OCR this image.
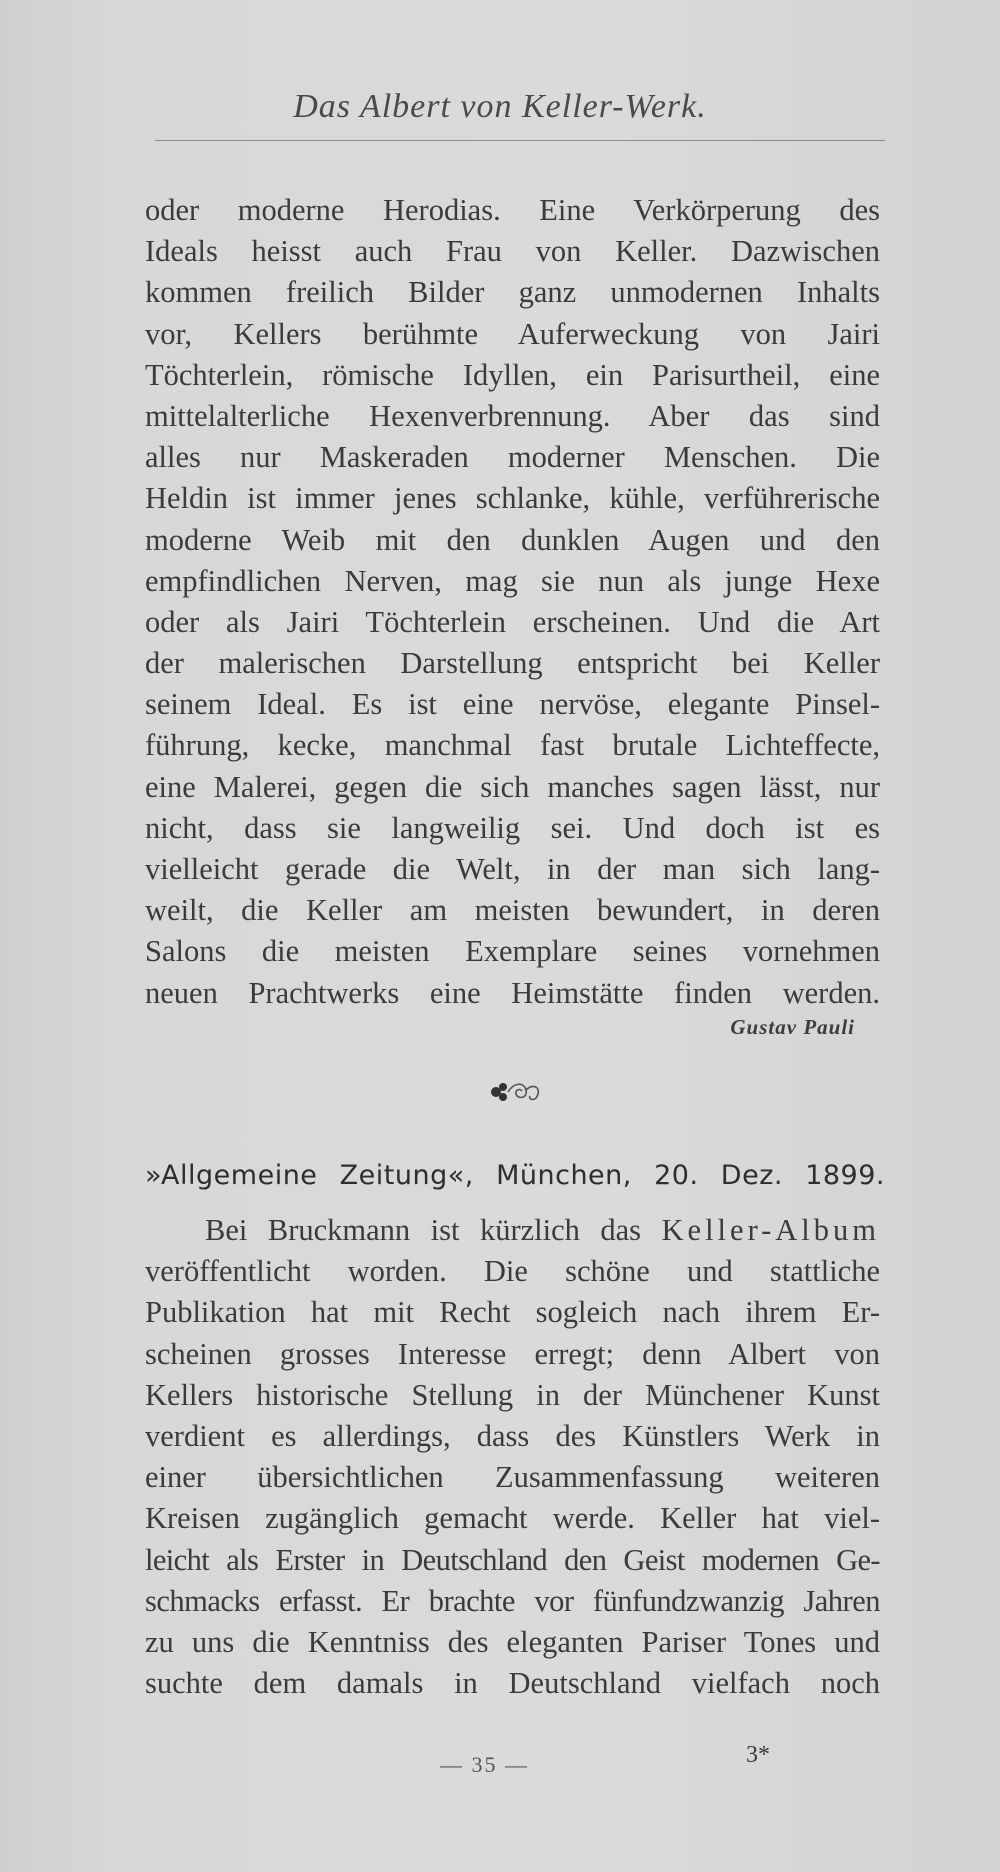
Das Albert von Keller-Werk.
oder moderne Herodias. Eine Verkörperung des
Ideals heisst auch Frau von Keller. Dazwischen
kommen freilich Bilder ganz unmodernen Inhalts
vor, Kellers berühmte Auferweckung von Jairi
Töchterlein, römische Idyllen, ein Parisurtheil, eine
mittelalterliche Hexenverbrennung. Aber das sind
alles nur Maskeraden moderner Menschen. Die
Heldin ist immer jenes schlanke, kühle, verführerische
moderne Weib mit den dunklen Augen und den
empfindlichen Nerven, mag sie nun als junge Hexe
oder als Jairi Töchterlein erscheinen. Und die Art
der malerischen Darstellung entspricht bei Keller
seinem Ideal. Es ist eine nervöse, elegante Pinsel-
führung, kecke, manchmal fast brutale Lichteffecte,
eine Malerei, gegen die sich manches sagen lässt, nur
nicht, dass sie langweilig sei. Und doch ist es
vielleicht gerade die Welt, in der man sich lang-
weilt, die Keller am meisten bewundert, in deren
Salons die meisten Exemplare seines vornehmen
neuen Prachtwerks eine Heimstätte finden werden.
Gustav Pauli
»Allgemeine Zeitung«, München, 20. Dez. 1899.
Bei Bruckmann ist kürzlich das Keller-Album
veröffentlicht worden. Die schöne und stattliche
Publikation hat mit Recht sogleich nach ihrem Er-
scheinen grosses Interesse erregt; denn Albert von
Kellers historische Stellung in der Münchener Kunst
verdient es allerdings, dass des Künstlers Werk in
einer übersichtlichen Zusammenfassung weiteren
Kreisen zugänglich gemacht werde. Keller hat viel-
leicht als Erster in Deutschland den Geist modernen Ge-
schmacks erfasst. Er brachte vor fünfundzwanzig Jahren
zu uns die Kenntniss des eleganten Pariser Tones und
suchte dem damals in Deutschland vielfach noch
— 35 —	3*
